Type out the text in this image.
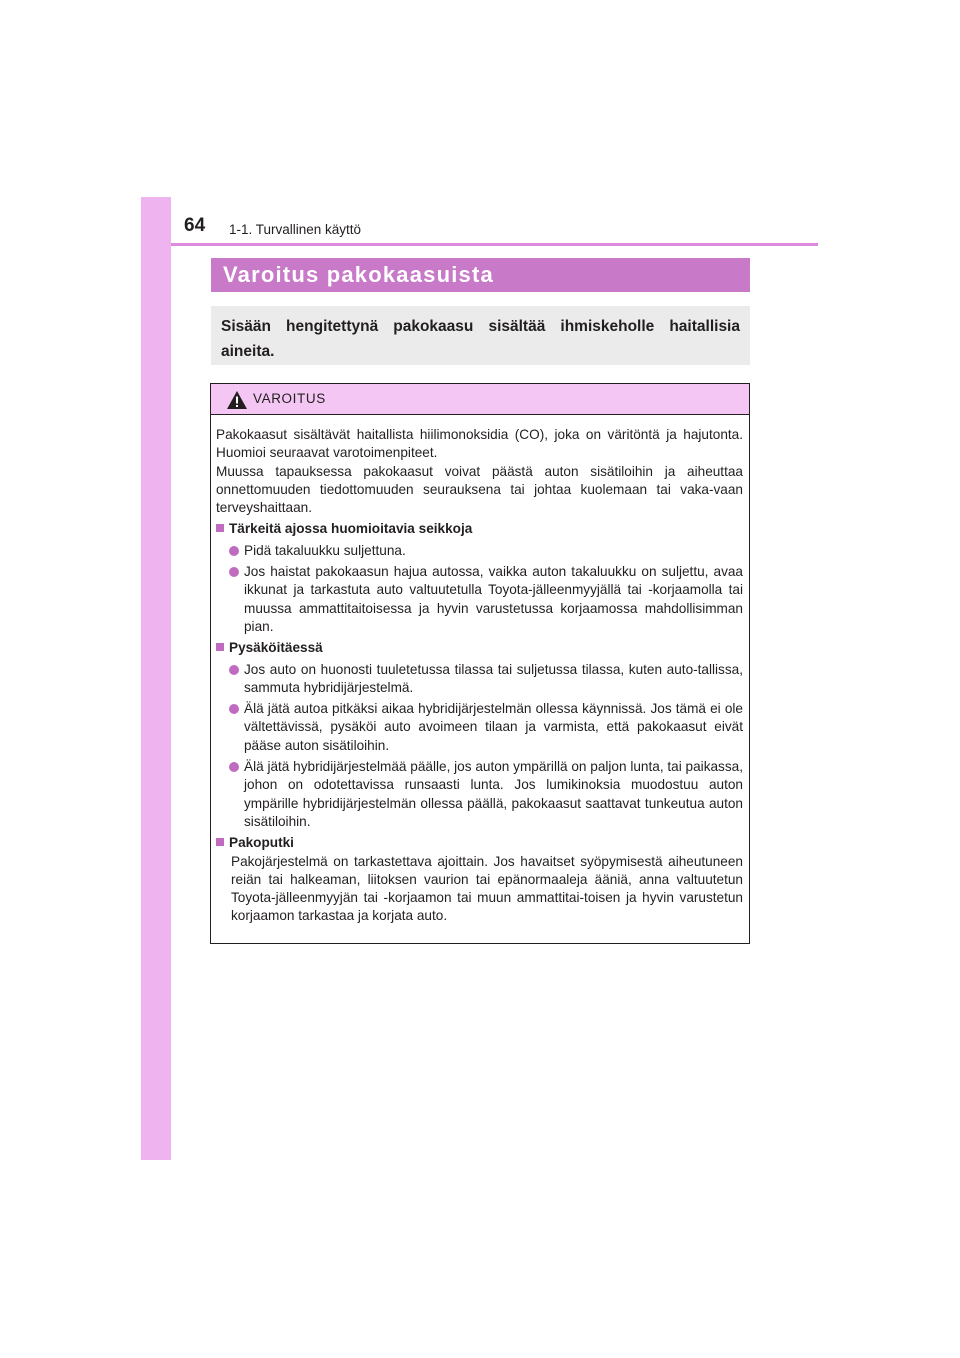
64 1-1. Turvallinen käyttö
Varoitus pakokaasuista
Sisään hengitettynä pakokaasu sisältää ihmiskeholle haitallisia aineita.
VAROITUS

Pakokaasut sisältävät haitallista hiilimonoksidia (CO), joka on väritöntä ja hajutonta. Huomioi seuraavat varotoimenpiteet.

Muussa tapauksessa pakokaasut voivat päästä auton sisätiloihin ja aiheuttaa onnettomuuden tiedottomuuden seurauksena tai johtaa kuolemaan tai vaka-vaan terveyshaittaan.

Tärkeitä ajossa huomioitavia seikkoja

Pidä takaluukku suljettuna.

Jos haistat pakokaasun hajua autossa, vaikka auton takaluukku on suljettu, avaa ikkunat ja tarkastuta auto valtuutetulla Toyota-jälleenmyyjällä tai -korjaamolla tai muussa ammattitaitoisessa ja hyvin varustetussa korjaamossa mahdollisimman pian.

Pysäköitäessä

Jos auto on huonosti tuuletetussa tilassa tai suljetussa tilassa, kuten auto-tallissa, sammuta hybridijärjestelmä.

Älä jätä autoa pitkäksi aikaa hybridijärjestelmän ollessa käynnissä. Jos tämä ei ole vältettävissä, pysäköi auto avoimeen tilaan ja varmista, että pakokaasut eivät pääse auton sisätiloihin.

Älä jätä hybridijärjestelmää päälle, jos auton ympärillä on paljon lunta, tai paikassa, johon on odotettavissa runsaasti lunta. Jos lumikinoksia muodostuu auton ympärille hybridijärjestelmän ollessa päällä, pakokaasut saattavat tunkeutua auton sisätiloihin.

Pakoputki

Pakojärjestelmä on tarkastettava ajoittain. Jos havaitset syöpymisestä aiheutuneen reiän tai halkeaman, liitoksen vaurion tai epänormaaleja ääniä, anna valtuutetun Toyota-jälleenmyyjän tai -korjaamon tai muun ammattitai-toisen ja hyvin varustetun korjaamon tarkastaa ja korjata auto.
